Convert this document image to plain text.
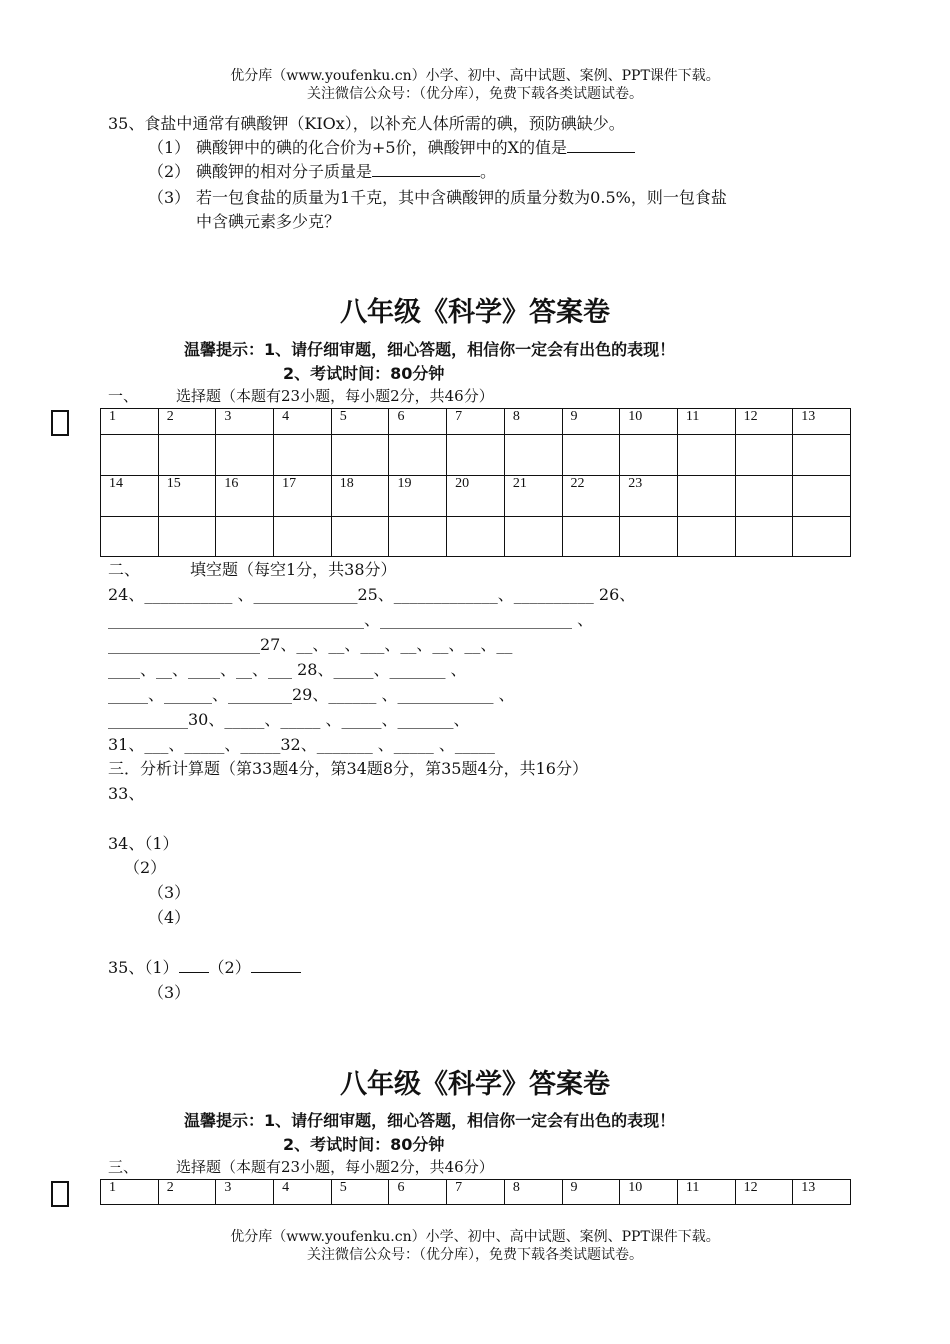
优分库（www.youfenku.cn）小学、初中、高中试题、案例、PPT课件下载。
关注微信公众号：（优分库），免费下载各类试题试卷。
35、食盐中通常有碘酸钾（KIOx），以补充人体所需的碘，预防碘缺少。
（1） 碘酸钾中的碘的化合价为+5价，碘酸钾中的X的值是
（2） 碘酸钾的相对分子质量是	。
（3） 若一包食盐的质量为1千克，其中含碘酸钾的质量分数为0.5%，则一包食盐
中含碘元素多少克？
八年级《科学》答案卷
温馨提示：1、请仔细审题，细心答题，相信你一定会有出色的表现！
2、考试时间：80分钟
一、	选择题（本题有23小题，每小题2分，共46分）
1	2	3	4	5	6	7	8	9	10	11	12	13

14	15	16	17	18	19	20	21	22	23			

二、	填空题（每空1分，共38分）
24、___________ 、_____________25、_____________、__________ 26、
________________________________、________________________ 、
___________________27、__、__、___、__、__、__、__
____、__、____、__、___ 28、_____、_______ 、
_____、______、________29、______ 、____________ 、
__________30、_____、_____ 、_____、_______、
31、___、_____、_____32、_______ 、_____ 、_____
三．分析计算题（第33题4分，第34题8分，第35题4分，共16分）
33、
34、（1）
（2）
（3）
（4）
35、（1） （2）
（3）
八年级《科学》答案卷
温馨提示：1、请仔细审题，细心答题，相信你一定会有出色的表现！
2、考试时间：80分钟
三、	选择题（本题有23小题，每小题2分，共46分）
1	2	3	4	5	6	7	8	9	10	11	12	13
优分库（www.youfenku.cn）小学、初中、高中试题、案例、PPT课件下载。
关注微信公众号：（优分库），免费下载各类试题试卷。
